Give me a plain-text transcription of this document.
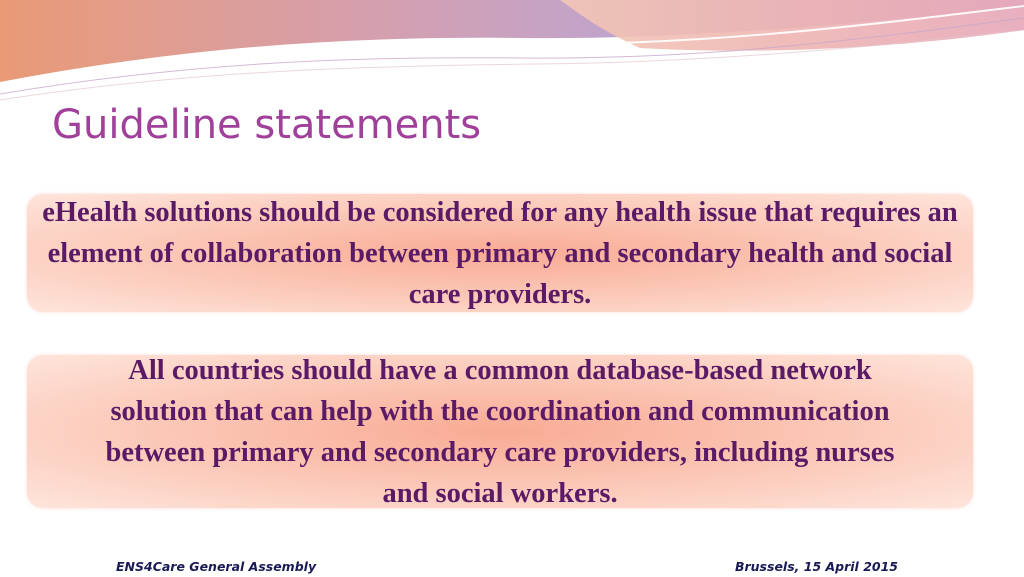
Guideline statements

eHealth solutions should be considered for any health issue that requires an element of collaboration between primary and secondary health and social care providers.

All countries should have a common database-based network solution that can help with the coordination and communication between primary and secondary care providers, including nurses and social workers.

ENS4Care General Assembly	Brussels, 15 April 2015
